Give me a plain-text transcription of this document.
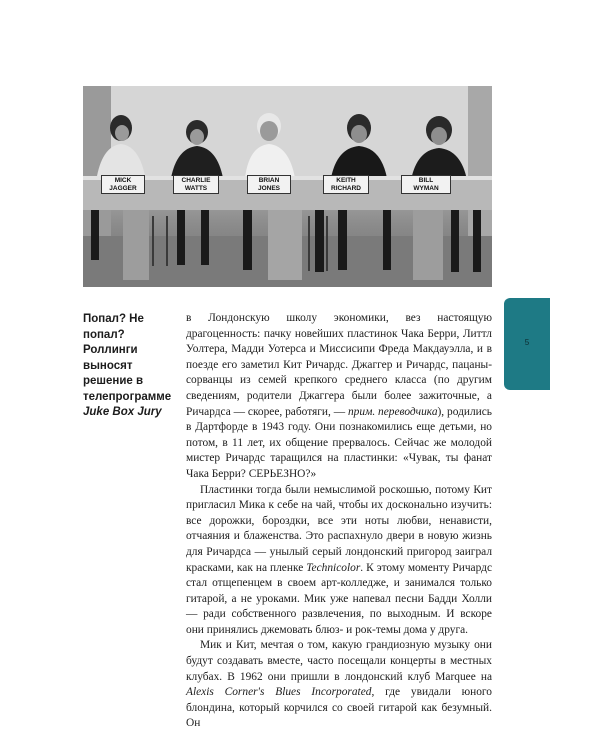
MICK
JAGGER
CHARLIE
WATTS
BRIAN
JONES
KEITH
RICHARD
BILL
WYMAN
Попал? Не попал? Роллинги выносят решение в телепрограмме Juke Box Jury

в Лондонскую школу экономики, вез настоящую драгоценность: пачку новейших пластинок Чака Берри, Литтл Уолтера, Мадди Уотерса и Миссисипи Фреда Макдауэлла, и в поезде его заметил Кит Ричардс. Джаггер и Ричардс, пацаны-сорванцы из семей крепкого среднего класса (по другим сведениям, родители Джаггера были более зажиточные, а Ричардса — скорее, работяги, — прим. переводчика), родились в Дартфорде в 1943 году. Они познакомились еще детьми, но потом, в 11 лет, их общение прервалось. Сейчас же молодой мистер Ричардс таращился на пластинки: «Чувак, ты фанат Чака Берри? СЕРЬЕЗНО?»

Пластинки тогда были немыслимой роскошью, потому Кит пригласил Мика к себе на чай, чтобы их досконально изучить: все дорожки, бороздки, все эти ноты любви, ненависти, отчаяния и блаженства. Это распахнуло двери в новую жизнь для Ричардса — унылый серый лондонский пригород заиграл красками, как на пленке Technicolor. К этому моменту Ричардс стал отщепенцем в своем арт-колледже, и занимался только гитарой, а не уроками. Мик уже напевал песни Бадди Холли — ради собственного развлечения, по выходным. И вскоре они принялись джемовать блюз- и рок-темы дома у друга.

Мик и Кит, мечтая о том, какую грандиозную музыку они будут создавать вместе, часто посещали концерты в местных клубах. В 1962 они пришли в лондонский клуб Marquee на Alexis Corner's Blues Incorporated, где увидали юного блондина, который корчился со своей гитарой как безумный. Он

5
